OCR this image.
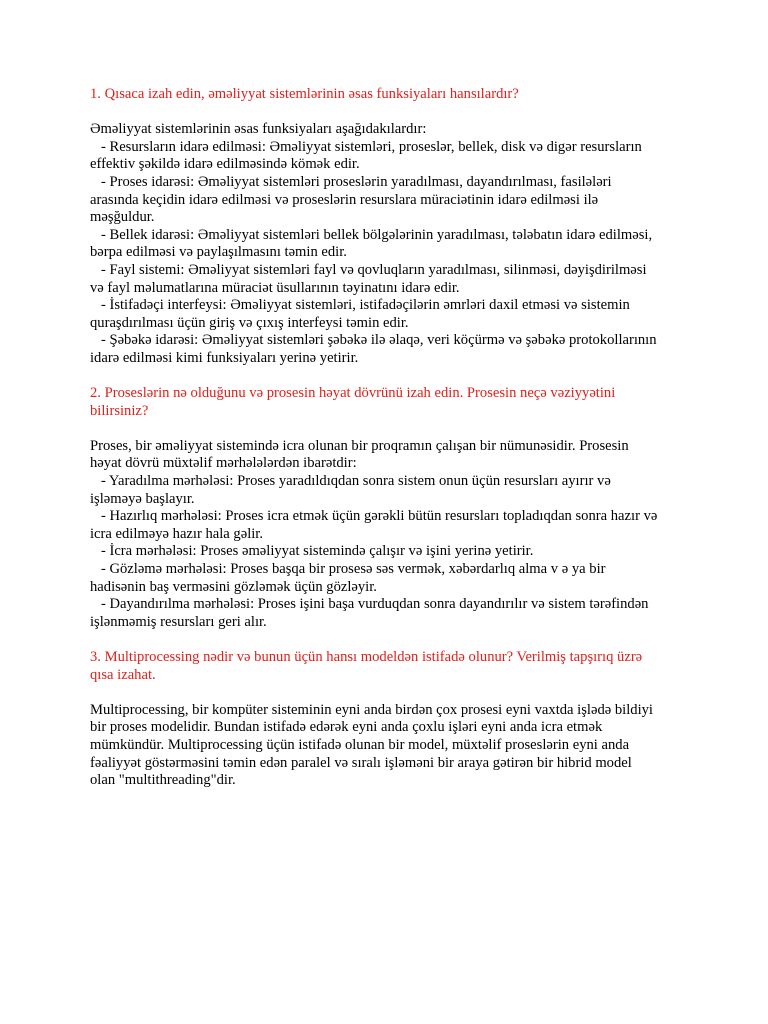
1. Qısaca izah edin, əməliyyat sistemlərinin əsas funksiyaları hansılardır?

Əməliyyat sistemlərinin əsas funksiyaları aşağıdakılardır:

- Resursların idarə edilməsi: Əməliyyat sistemləri, proseslər, bellek, disk və digər resursların
effektiv şəkildə idarə edilməsində kömək edir.

- Proses idarəsi: Əməliyyat sistemləri proseslərin yaradılması, dayandırılması, fasilələri
arasında keçidin idarə edilməsi və proseslərin resurslara müraciətinin idarə edilməsi ilə
məşğuldur.

- Bellek idarəsi: Əməliyyat sistemləri bellek bölgələrinin yaradılması, tələbatın idarə edilməsi,
bərpa edilməsi və paylaşılmasını təmin edir.

- Fayl sistemi: Əməliyyat sistemləri fayl və qovluqların yaradılması, silinməsi, dəyişdirilməsi
və fayl məlumatlarına müraciət üsullarının təyinatını idarə edir.

- İstifadəçi interfeysi: Əməliyyat sistemləri, istifadəçilərin əmrləri daxil etməsi və sistemin
quraşdırılması üçün giriş və çıxış interfeysi təmin edir.

- Şəbəkə idarəsi: Əməliyyat sistemləri şəbəkə ilə əlaqə, veri köçürmə və şəbəkə protokollarının
idarə edilməsi kimi funksiyaları yerinə yetirir.

2. Proseslərin nə olduğunu və prosesin həyat dövrünü izah edin. Prosesin neçə vəziyyətini
bilirsiniz?

Proses, bir əməliyyat sistemində icra olunan bir proqramın çalışan bir nümunəsidir. Prosesin
həyat dövrü müxtəlif mərhələlərdən ibarətdir:

- Yaradılma mərhələsi: Proses yaradıldıqdan sonra sistem onun üçün resursları ayırır və
işləməyə başlayır.

- Hazırlıq mərhələsi: Proses icra etmək üçün gərəkli bütün resursları topladıqdan sonra hazır və
icra edilməyə hazır hala gəlir.

- İcra mərhələsi: Proses əməliyyat sistemində çalışır və işini yerinə yetirir.

- Gözləmə mərhələsi: Proses başqa bir prosesə səs vermək, xəbərdarlıq alma v ə ya bir
hadisənin baş verməsini gözləmək üçün gözləyir.

- Dayandırılma mərhələsi: Proses işini başa vurduqdan sonra dayandırılır və sistem tərəfindən
işlənməmiş resursları geri alır.

3. Multiprocessing nədir və bunun üçün hansı modeldən istifadə olunur? Verilmiş tapşırıq üzrə
qısa izahat.

Multiprocessing, bir kompüter sisteminin eyni anda birdən çox prosesi eyni vaxtda işlədə bildiyi
bir proses modelidir. Bundan istifadə edərək eyni anda çoxlu işləri eyni anda icra etmək
mümkündür. Multiprocessing üçün istifadə olunan bir model, müxtəlif proseslərin eyni anda
fəaliyyət göstərməsini təmin edən paralel və sıralı işləməni bir araya gətirən bir hibrid model
olan "multithreading"dir.
